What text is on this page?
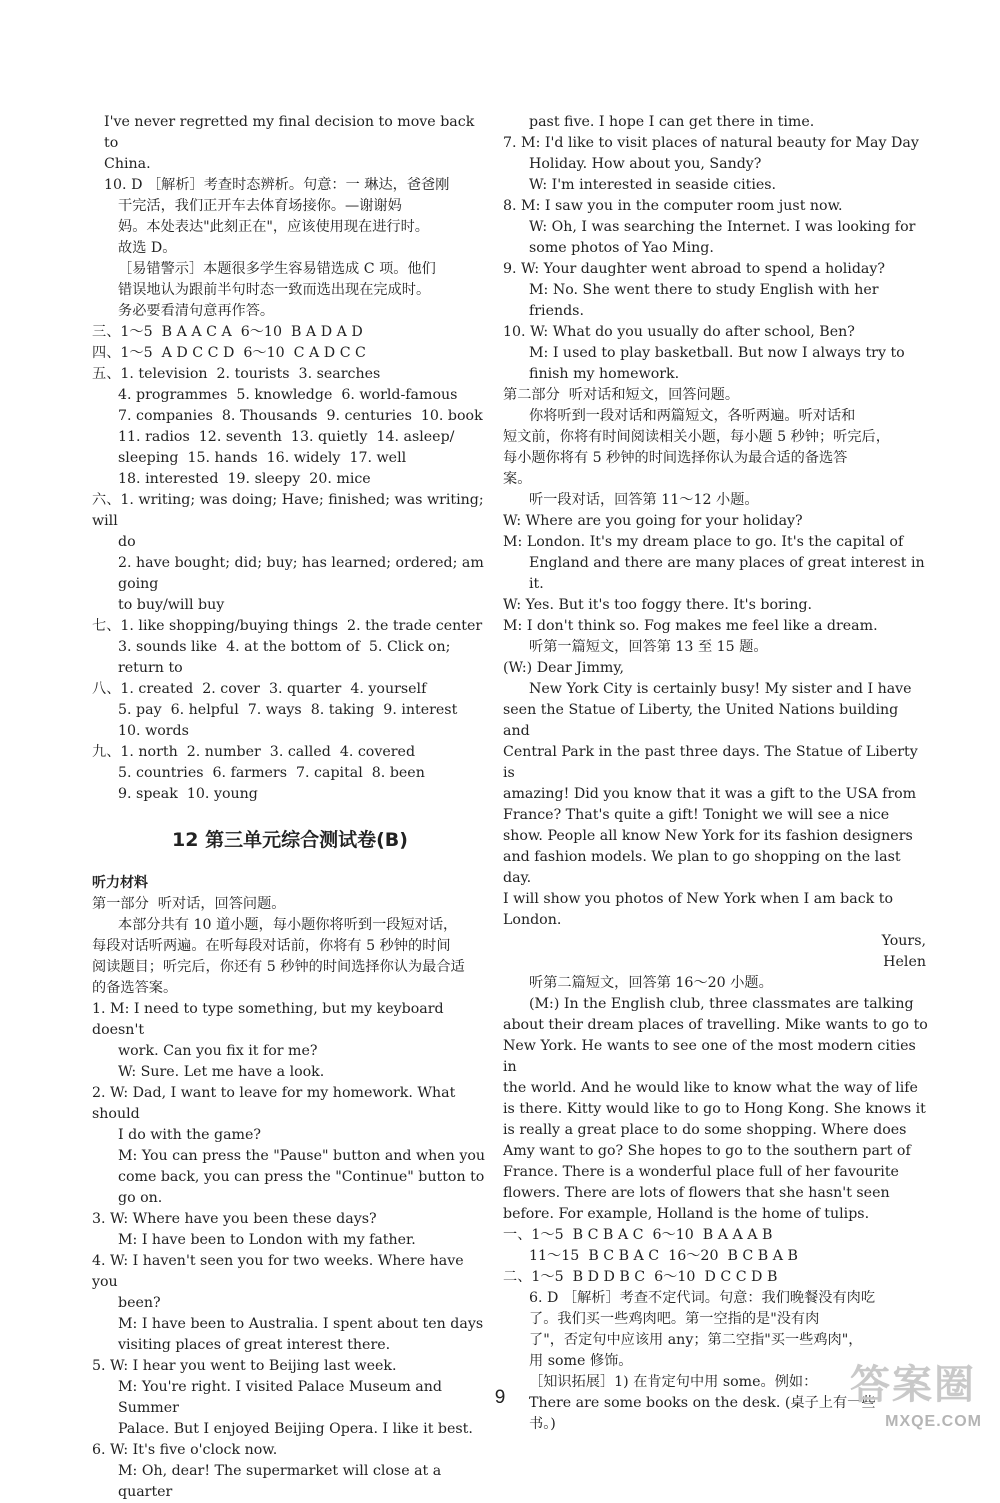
I've never regretted my final decision to move back to
China.
10. D ［解析］考查时态辨析。句意：一 琳达，爸爸刚
干完活，我们正开车去体育场接你。—谢谢妈
妈。本处表达"此刻正在"，应该使用现在进行时。
故选 D。
［易错警示］本题很多学生容易错选成 C 项。他们
错误地认为跟前半句时态一致而选出现在完成时。
务必要看清句意再作答。
三、1～5  B A A C A  6～10  B A D A D
四、1～5  A D C C D  6～10  C A D C C
五、1. television  2. tourists  3. searches
4. programmes  5. knowledge  6. world-famous
7. companies  8. Thousands  9. centuries  10. book
11. radios  12. seventh  13. quietly  14. asleep/
sleeping  15. hands  16. widely  17. well
18. interested  19. sleepy  20. mice
六、1. writing; was doing; Have; finished; was writing; will
do
2. have bought; did; buy; has learned; ordered; am going
to buy/will buy
七、1. like shopping/buying things  2. the trade center
3. sounds like  4. at the bottom of  5. Click on;
return to
八、1. created  2. cover  3. quarter  4. yourself
5. pay  6. helpful  7. ways  8. taking  9. interest
10. words
九、1. north  2. number  3. called  4. covered
5. countries  6. farmers  7. capital  8. been
9. speak  10. young
12 第三单元综合测试卷(B)
听力材料
第一部分  听对话，回答问题。
本部分共有 10 道小题，每小题你将听到一段短对话，
每段对话听两遍。在听每段对话前，你将有 5 秒钟的时间
阅读题目；听完后，你还有 5 秒钟的时间选择你认为最合适
的备选答案。
1. M: I need to type something, but my keyboard doesn't
work. Can you fix it for me?
W: Sure. Let me have a look.
2. W: Dad, I want to leave for my homework. What should
I do with the game?
M: You can press the "Pause" button and when you
come back, you can press the "Continue" button to
go on.
3. W: Where have you been these days?
M: I have been to London with my father.
4. W: I haven't seen you for two weeks. Where have you
been?
M: I have been to Australia. I spent about ten days
visiting places of great interest there.
5. W: I hear you went to Beijing last week.
M: You're right. I visited Palace Museum and Summer
Palace. But I enjoyed Beijing Opera. I like it best.
6. W: It's five o'clock now.
M: Oh, dear! The supermarket will close at a quarter
past five. I hope I can get there in time.
7. M: I'd like to visit places of natural beauty for May Day
Holiday. How about you, Sandy?
W: I'm interested in seaside cities.
8. M: I saw you in the computer room just now.
W: Oh, I was searching the Internet. I was looking for
some photos of Yao Ming.
9. W: Your daughter went abroad to spend a holiday?
M: No. She went there to study English with her
friends.
10. W: What do you usually do after school, Ben?
M: I used to play basketball. But now I always try to
finish my homework.
第二部分  听对话和短文，回答问题。
你将听到一段对话和两篇短文，各听两遍。听对话和
短文前，你将有时间阅读相关小题，每小题 5 秒钟；听完后，
每小题你将有 5 秒钟的时间选择你认为最合适的备选答
案。
听一段对话，回答第 11～12 小题。
W: Where are you going for your holiday?
M: London. It's my dream place to go. It's the capital of
England and there are many places of great interest in
it.
W: Yes. But it's too foggy there. It's boring.
M: I don't think so. Fog makes me feel like a dream.
听第一篇短文，回答第 13 至 15 题。
(W:) Dear Jimmy,
New York City is certainly busy! My sister and I have
seen the Statue of Liberty, the United Nations building and
Central Park in the past three days. The Statue of Liberty is
amazing! Did you know that it was a gift to the USA from
France? That's quite a gift! Tonight we will see a nice
show. People all know New York for its fashion designers
and fashion models. We plan to go shopping on the last day.
I will show you photos of New York when I am back to
London.
Yours,
Helen
听第二篇短文，回答第 16～20 小题。
(M:) In the English club, three classmates are talking
about their dream places of travelling. Mike wants to go to
New York. He wants to see one of the most modern cities in
the world. And he would like to know what the way of life
is there. Kitty would like to go to Hong Kong. She knows it
is really a great place to do some shopping. Where does
Amy want to go? She hopes to go to the southern part of
France. There is a wonderful place full of her favourite
flowers. There are lots of flowers that she hasn't seen
before. For example, Holland is the home of tulips.
一、1～5  B C B A C  6～10  B A A A B
11～15  B C B A C  16～20  B C B A B
二、1～5  B D D B C  6～10  D C C D B
6. D ［解析］考查不定代词。句意：我们晚餐没有肉吃
了。我们买一些鸡肉吧。第一空指的是"没有肉
了"，否定句中应该用 any；第二空指"买一些鸡肉"，
用 some 修饰。
［知识拓展］1) 在肯定句中用 some。例如：
There are some books on the desk. (桌子上有一些
书。)
9	答案圈
MXQE.COM
